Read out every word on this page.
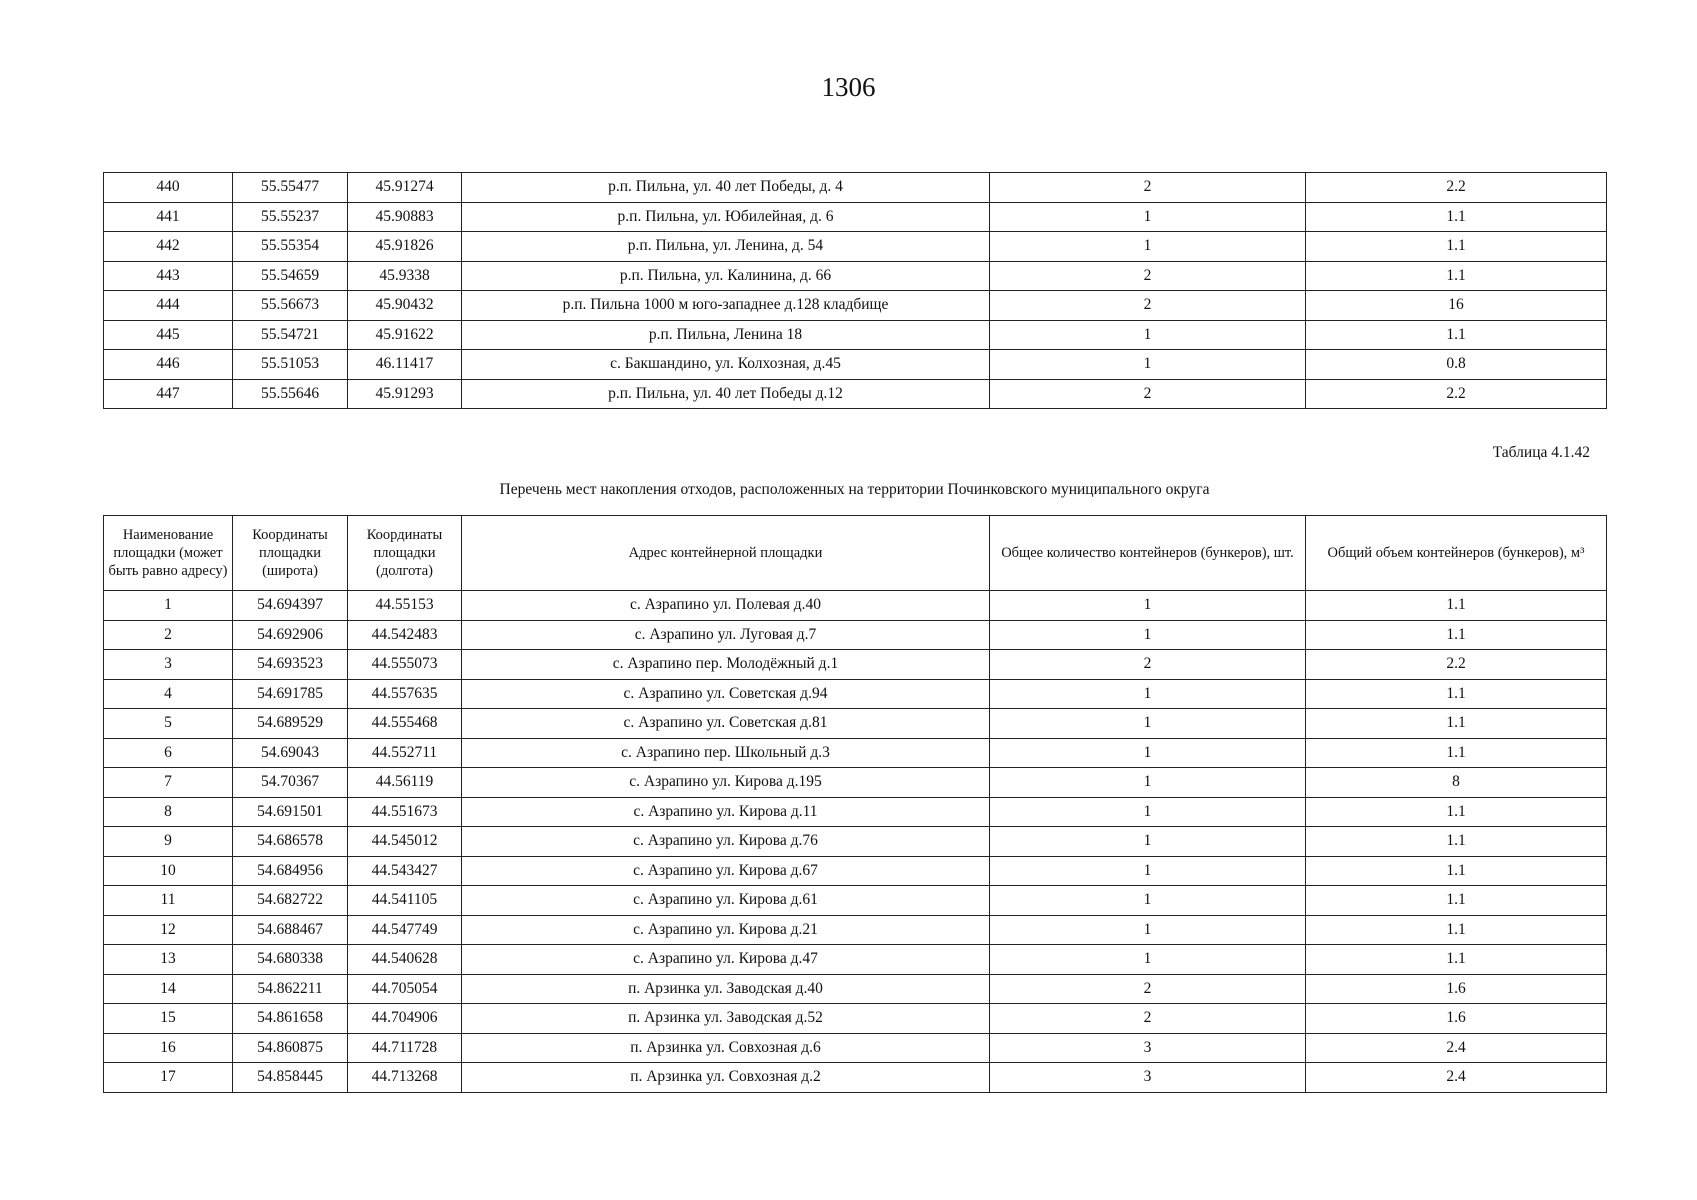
1306
440	55.55477	45.91274	р.п. Пильна, ул. 40 лет Победы, д. 4	2	2.2
441	55.55237	45.90883	р.п. Пильна, ул. Юбилейная, д. 6	1	1.1
442	55.55354	45.91826	р.п. Пильна, ул. Ленина, д. 54	1	1.1
443	55.54659	45.9338	р.п. Пильна, ул. Калинина, д. 66	2	1.1
444	55.56673	45.90432	р.п. Пильна 1000 м юго-западнее д.128 кладбище	2	16
445	55.54721	45.91622	р.п. Пильна, Ленина 18	1	1.1
446	55.51053	46.11417	с. Бакшандино, ул. Колхозная, д.45	1	0.8
447	55.55646	45.91293	р.п. Пильна, ул. 40 лет Победы д.12	2	2.2
Таблица 4.1.42
Перечень мест накопления отходов, расположенных на территории Починковского муниципального округа
Наименование площадки (может быть равно адресу)	Координаты площадки (широта)	Координаты площадки (долгота)	Адрес контейнерной площадки	Общее количество контейнеров (бункеров), шт.	Общий объем контейнеров (бункеров), м³
1	54.694397	44.55153	с. Азрапино ул. Полевая д.40	1	1.1
2	54.692906	44.542483	с. Азрапино ул. Луговая д.7	1	1.1
3	54.693523	44.555073	с. Азрапино пер. Молодёжный д.1	2	2.2
4	54.691785	44.557635	с. Азрапино ул. Советская д.94	1	1.1
5	54.689529	44.555468	с. Азрапино ул. Советская д.81	1	1.1
6	54.69043	44.552711	с. Азрапино пер. Школьный д.3	1	1.1
7	54.70367	44.56119	с. Азрапино ул. Кирова д.195	1	8
8	54.691501	44.551673	с. Азрапино ул. Кирова д.11	1	1.1
9	54.686578	44.545012	с. Азрапино ул. Кирова д.76	1	1.1
10	54.684956	44.543427	с. Азрапино ул. Кирова д.67	1	1.1
11	54.682722	44.541105	с. Азрапино ул. Кирова д.61	1	1.1
12	54.688467	44.547749	с. Азрапино ул. Кирова д.21	1	1.1
13	54.680338	44.540628	с. Азрапино ул. Кирова д.47	1	1.1
14	54.862211	44.705054	п. Арзинка ул. Заводская д.40	2	1.6
15	54.861658	44.704906	п. Арзинка ул. Заводская д.52	2	1.6
16	54.860875	44.711728	п. Арзинка ул. Совхозная д.6	3	2.4
17	54.858445	44.713268	п. Арзинка ул. Совхозная д.2	3	2.4
